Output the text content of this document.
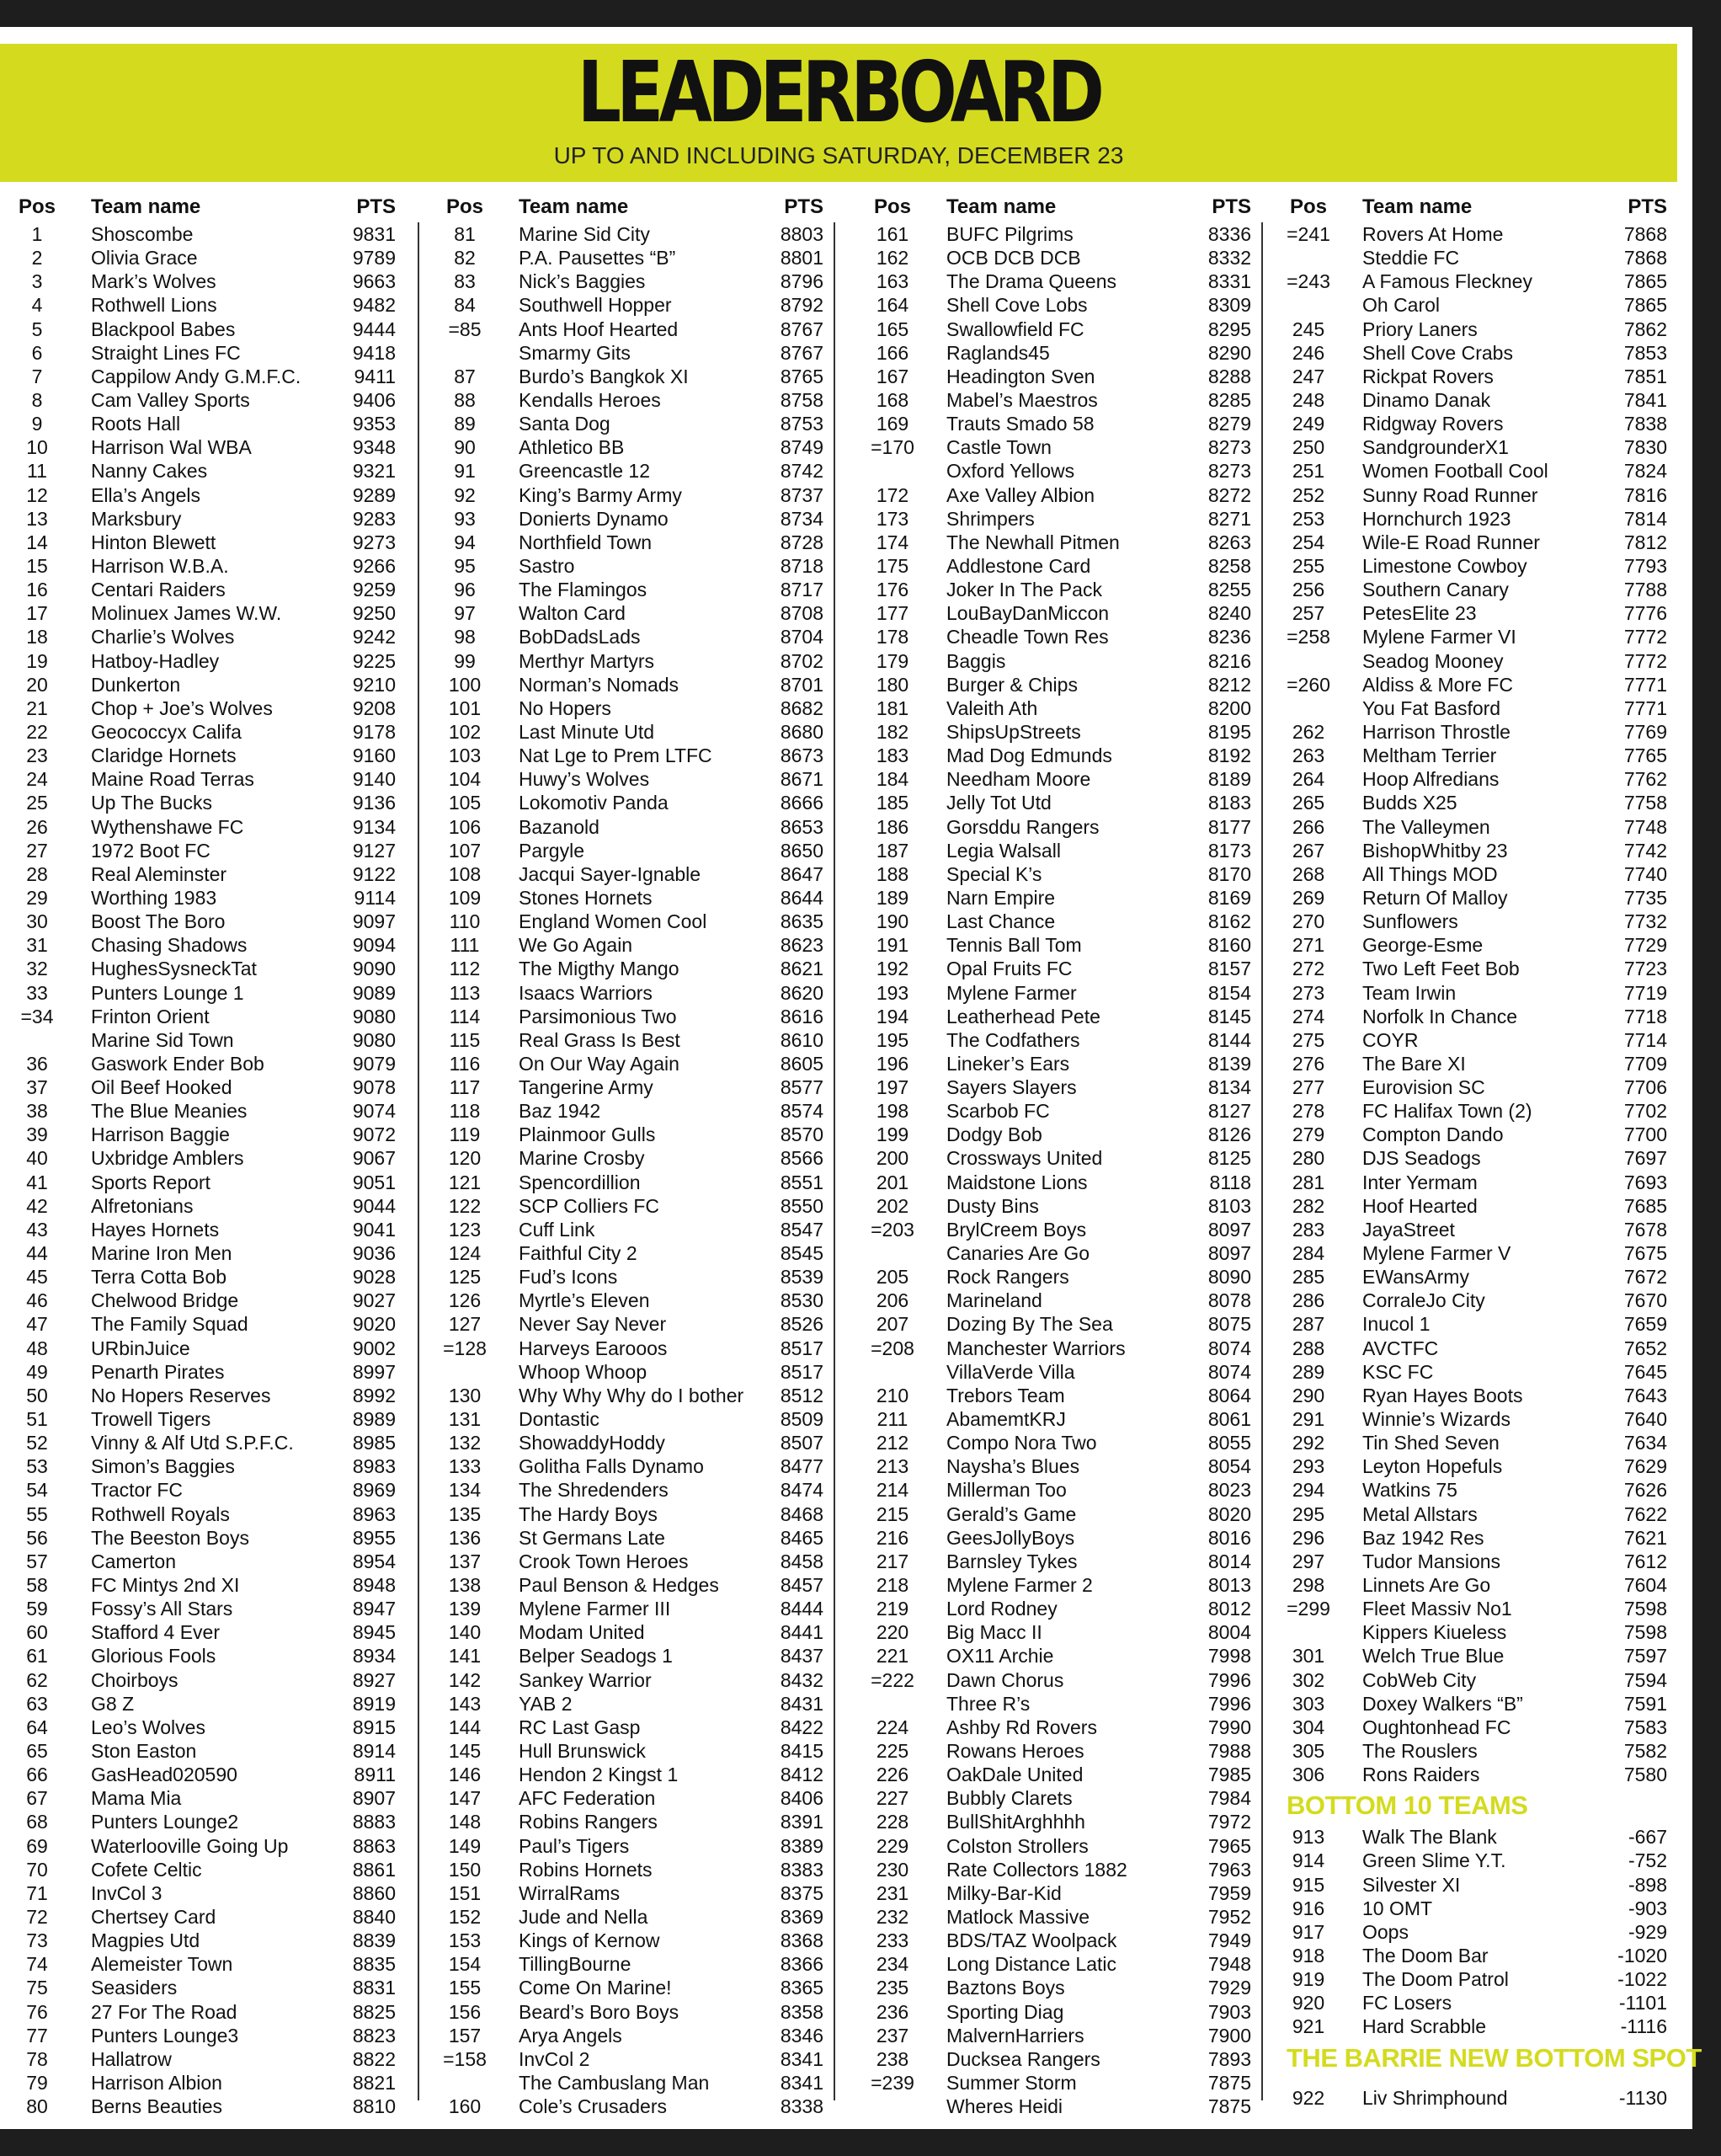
LEADERBOARD
UP TO AND INCLUDING SATURDAY, DECEMBER 23
Pos	Team name	PTS
1	Shoscombe	9831
2	Olivia Grace	9789
3	Mark’s Wolves	9663
4	Rothwell Lions	9482
5	Blackpool Babes	9444
6	Straight Lines FC	9418
7	Cappilow Andy G.M.F.C.	9411
8	Cam Valley Sports	9406
9	Roots Hall	9353
10	Harrison Wal WBA	9348
11	Nanny Cakes	9321
12	Ella’s Angels	9289
13	Marksbury	9283
14	Hinton Blewett	9273
15	Harrison W.B.A.	9266
16	Centari Raiders	9259
17	Molinuex James W.W.	9250
18	Charlie’s Wolves	9242
19	Hatboy-Hadley	9225
20	Dunkerton	9210
21	Chop + Joe’s Wolves	9208
22	Geococcyx Califa	9178
23	Claridge Hornets	9160
24	Maine Road Terras	9140
25	Up The Bucks	9136
26	Wythenshawe FC	9134
27	1972 Boot FC	9127
28	Real Aleminster	9122
29	Worthing 1983	9114
30	Boost The Boro	9097
31	Chasing Shadows	9094
32	HughesSysneckTat	9090
33	Punters Lounge 1	9089
=34	Frinton Orient	9080
Marine Sid Town	9080
36	Gaswork Ender Bob	9079
37	Oil Beef Hooked	9078
38	The Blue Meanies	9074
39	Harrison Baggie	9072
40	Uxbridge Amblers	9067
41	Sports Report	9051
42	Alfretonians	9044
43	Hayes Hornets	9041
44	Marine Iron Men	9036
45	Terra Cotta Bob	9028
46	Chelwood Bridge	9027
47	The Family Squad	9020
48	URbinJuice	9002
49	Penarth Pirates	8997
50	No Hopers Reserves	8992
51	Trowell Tigers	8989
52	Vinny & Alf Utd S.P.F.C.	8985
53	Simon’s Baggies	8983
54	Tractor FC	8969
55	Rothwell Royals	8963
56	The Beeston Boys	8955
57	Camerton	8954
58	FC Mintys 2nd XI	8948
59	Fossy’s All Stars	8947
60	Stafford 4 Ever	8945
61	Glorious Fools	8934
62	Choirboys	8927
63	G8 Z	8919
64	Leo’s Wolves	8915
65	Ston Easton	8914
66	GasHead020590	8911
67	Mama Mia	8907
68	Punters Lounge2	8883
69	Waterlooville Going Up	8863
70	Cofete Celtic	8861
71	InvCol 3	8860
72	Chertsey Card	8840
73	Magpies Utd	8839
74	Alemeister Town	8835
75	Seasiders	8831
76	27 For The Road	8825
77	Punters Lounge3	8823
78	Hallatrow	8822
79	Harrison Albion	8821
80	Berns Beauties	8810
Pos	Team name	PTS
81	Marine Sid City	8803
82	P.A. Pausettes “B”	8801
83	Nick’s Baggies	8796
84	Southwell Hopper	8792
=85	Ants Hoof Hearted	8767
Smarmy Gits	8767
87	Burdo’s Bangkok XI	8765
88	Kendalls Heroes	8758
89	Santa Dog	8753
90	Athletico BB	8749
91	Greencastle 12	8742
92	King’s Barmy Army	8737
93	Donierts Dynamo	8734
94	Northfield Town	8728
95	Sastro	8718
96	The Flamingos	8717
97	Walton Card	8708
98	BobDadsLads	8704
99	Merthyr Martyrs	8702
100	Norman’s Nomads	8701
101	No Hopers	8682
102	Last Minute Utd	8680
103	Nat Lge to Prem LTFC	8673
104	Huwy’s Wolves	8671
105	Lokomotiv Panda	8666
106	Bazanold	8653
107	Pargyle	8650
108	Jacqui Sayer-Ignable	8647
109	Stones Hornets	8644
110	England Women Cool	8635
111	We Go Again	8623
112	The Migthy Mango	8621
113	Isaacs Warriors	8620
114	Parsimonious Two	8616
115	Real Grass Is Best	8610
116	On Our Way Again	8605
117	Tangerine Army	8577
118	Baz 1942	8574
119	Plainmoor Gulls	8570
120	Marine Crosby	8566
121	Spencordillion	8551
122	SCP Colliers FC	8550
123	Cuff Link	8547
124	Faithful City 2	8545
125	Fud’s Icons	8539
126	Myrtle’s Eleven	8530
127	Never Say Never	8526
=128 Harveys Earooos	8517
Whoop Whoop	8517
130	Why Why Why do I bother	8512
131	Dontastic	8509
132	ShowaddyHoddy	8507
133	Golitha Falls Dynamo	8477
134	The Shredenders	8474
135	The Hardy Boys	8468
136	St Germans Late	8465
137	Crook Town Heroes	8458
138	Paul Benson & Hedges	8457
139	Mylene Farmer III	8444
140	Modam United	8441
141	Belper Seadogs 1	8437
142	Sankey Warrior	8432
143	YAB 2	8431
144	RC Last Gasp	8422
145	Hull Brunswick	8415
146	Hendon 2 Kingst 1	8412
147	AFC Federation	8406
148	Robins Rangers	8391
149	Paul’s Tigers	8389
150	Robins Hornets	8383
151	WirralRams	8375
152	Jude and Nella	8369
153	Kings of Kernow	8368
154	TillingBourne	8366
155	Come On Marine!	8365
156	Beard’s Boro Boys	8358
157	Arya Angels	8346
=158 InvCol 2	8341
The Cambuslang Man	8341
160	Cole’s Crusaders	8338
Pos	Team name	PTS
161	BUFC Pilgrims	8336
162	OCB DCB DCB	8332
163	The Drama Queens	8331
164	Shell Cove Lobs	8309
165	Swallowfield FC	8295
166	Raglands45	8290
167	Headington Sven	8288
168	Mabel’s Maestros	8285
169	Trauts Smado 58	8279
=170 Castle Town	8273
Oxford Yellows	8273
172	Axe Valley Albion	8272
173	Shrimpers	8271
174	The Newhall Pitmen	8263
175	Addlestone Card	8258
176	Joker In The Pack	8255
177	LouBayDanMiccon	8240
178	Cheadle Town Res	8236
179	Baggis	8216
180	Burger & Chips	8212
181	Valeith Ath	8200
182	ShipsUpStreets	8195
183	Mad Dog Edmunds	8192
184	Needham Moore	8189
185	Jelly Tot Utd	8183
186	Gorsddu Rangers	8177
187	Legia Walsall	8173
188	Special K’s	8170
189	Narn Empire	8169
190	Last Chance	8162
191	Tennis Ball Tom	8160
192	Opal Fruits FC	8157
193	Mylene Farmer	8154
194	Leatherhead Pete	8145
195	The Codfathers	8144
196	Lineker’s Ears	8139
197	Sayers Slayers	8134
198	Scarbob FC	8127
199	Dodgy Bob	8126
200	Crossways United	8125
201	Maidstone Lions	8118
202	Dusty Bins	8103
=203 BrylCreem Boys	8097
Canaries Are Go	8097
205	Rock Rangers	8090
206	Marineland	8078
207	Dozing By The Sea	8075
=208 Manchester Warriors	8074
VillaVerde Villa	8074
210	Trebors Team	8064
211	AbamemtKRJ	8061
212	Compo Nora Two	8055
213	Naysha’s Blues	8054
214	Millerman Too	8023
215	Gerald’s Game	8020
216	GeesJollyBoys	8016
217	Barnsley Tykes	8014
218	Mylene Farmer 2	8013
219	Lord Rodney	8012
220	Big Macc II	8004
221	OX11 Archie	7998
=222 Dawn Chorus	7996
Three R’s	7996
224	Ashby Rd Rovers	7990
225	Rowans Heroes	7988
226	OakDale United	7985
227	Bubbly Clarets	7984
228	BullShitArghhhh	7972
229	Colston Strollers	7965
230	Rate Collectors 1882	7963
231	Milky-Bar-Kid	7959
232	Matlock Massive	7952
233	BDS/TAZ Woolpack	7949
234	Long Distance Latic	7948
235	Baztons Boys	7929
236	Sporting Diag	7903
237	MalvernHarriers	7900
238	Ducksea Rangers	7893
=239 Summer Storm	7875
Wheres Heidi	7875
Pos	Team name	PTS
=241 Rovers At Home	7868
Steddie FC	7868
=243 A Famous Fleckney	7865
Oh Carol	7865
245	Priory Laners	7862
246	Shell Cove Crabs	7853
247	Rickpat Rovers	7851
248	Dinamo Danak	7841
249	Ridgway Rovers	7838
250	SandgrounderX1	7830
251	Women Football Cool	7824
252	Sunny Road Runner	7816
253	Hornchurch 1923	7814
254	Wile-E Road Runner	7812
255	Limestone Cowboy	7793
256	Southern Canary	7788
257	PetesElite 23	7776
=258 Mylene Farmer VI	7772
Seadog Mooney	7772
=260 Aldiss & More FC	7771
You Fat Basford	7771
262	Harrison Throstle	7769
263	Meltham Terrier	7765
264	Hoop Alfredians	7762
265	Budds X25	7758
266	The Valleymen	7748
267	BishopWhitby 23	7742
268	All Things MOD	7740
269	Return Of Malloy	7735
270	Sunflowers	7732
271	George-Esme	7729
272	Two Left Feet Bob	7723
273	Team Irwin	7719
274	Norfolk In Chance	7718
275	COYR	7714
276	The Bare XI	7709
277	Eurovision SC	7706
278	FC Halifax Town (2)	7702
279	Compton Dando	7700
280	DJS Seadogs	7697
281	Inter Yermam	7693
282	Hoof Hearted	7685
283	JayaStreet	7678
284	Mylene Farmer V	7675
285	EWansArmy	7672
286	CorraleJo City	7670
287	Inucol 1	7659
288	AVCTFC	7652
289	KSC FC	7645
290	Ryan Hayes Boots	7643
291	Winnie’s Wizards	7640
292	Tin Shed Seven	7634
293	Leyton Hopefuls	7629
294	Watkins 75	7626
295	Metal Allstars	7622
296	Baz 1942 Res	7621
297	Tudor Mansions	7612
298	Linnets Are Go	7604
=299 Fleet Massiv No1	7598
Kippers Kiueless	7598
301	Welch True Blue	7597
302	CobWeb City	7594
303	Doxey Walkers “B”	7591
304	Oughtonhead FC	7583
305	The Rouslers	7582
306	Rons Raiders	7580
BOTTOM 10 TEAMS
913	Walk The Blank	-667
914	Green Slime Y.T.	-752
915	Silvester XI	-898
916	10 OMT	-903
917	Oops	-929
918	The Doom Bar	-1020
919	The Doom Patrol	-1022
920	FC Losers	-1101
921	Hard Scrabble	-1116
THE BARRIE NEW BOTTOM SPOT
922	Liv Shrimphound	-1130
